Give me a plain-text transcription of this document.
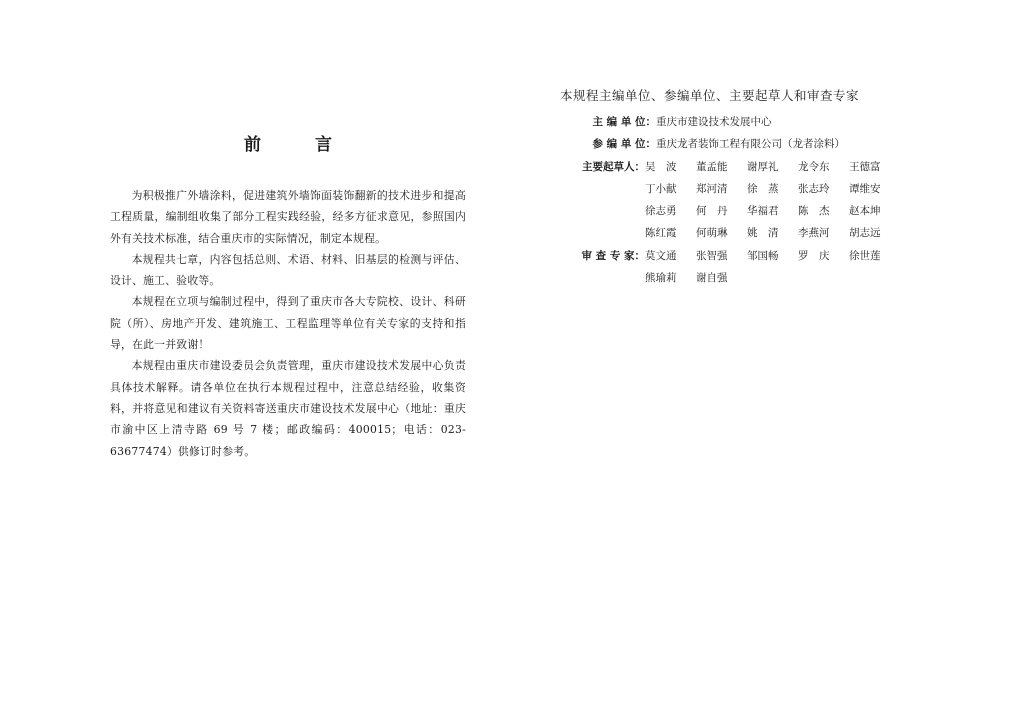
前 言

为积极推广外墙涂料，促进建筑外墙饰面装饰翻新的技术进步和提高工程质量，编制组收集了部分工程实践经验，经多方征求意见，参照国内外有关技术标准，结合重庆市的实际情况，制定本规程。

本规程共七章，内容包括总则、术语、材料、旧基层的检测与评估、设计、施工、验收等。

本规程在立项与编制过程中，得到了重庆市各大专院校、设计、科研院（所）、房地产开发、建筑施工、工程监理等单位有关专家的支持和指导，在此一并致谢！

本规程由重庆市建设委员会负责管理，重庆市建设技术发展中心负责具体技术解释。请各单位在执行本规程过程中，注意总结经验，收集资料，并将意见和建议有关资料寄送重庆市建设技术发展中心（地址：重庆市渝中区上清寺路 69 号 7 楼；邮政编码：400015；电话：023-63677474）供修订时参考。

本规程主编单位、参编单位、主要起草人和审查专家
主 编 单 位： 重庆市建设技术发展中心
参 编 单 位： 重庆龙者装饰工程有限公司（龙者涂料）
主要起草人： 吴　波	董孟能	谢厚礼	龙令东	王德富
丁小献	郑河清	徐　蒸	张志玲	谭维安
徐志勇	何　丹	华福君	陈　杰	赵本坤
陈红霞	何萌琳	姚　清	李燕河	胡志远
审 查 专 家： 莫文通	张智强	邹国畅	罗　庆	徐世莲
熊瑜莉	谢自强
